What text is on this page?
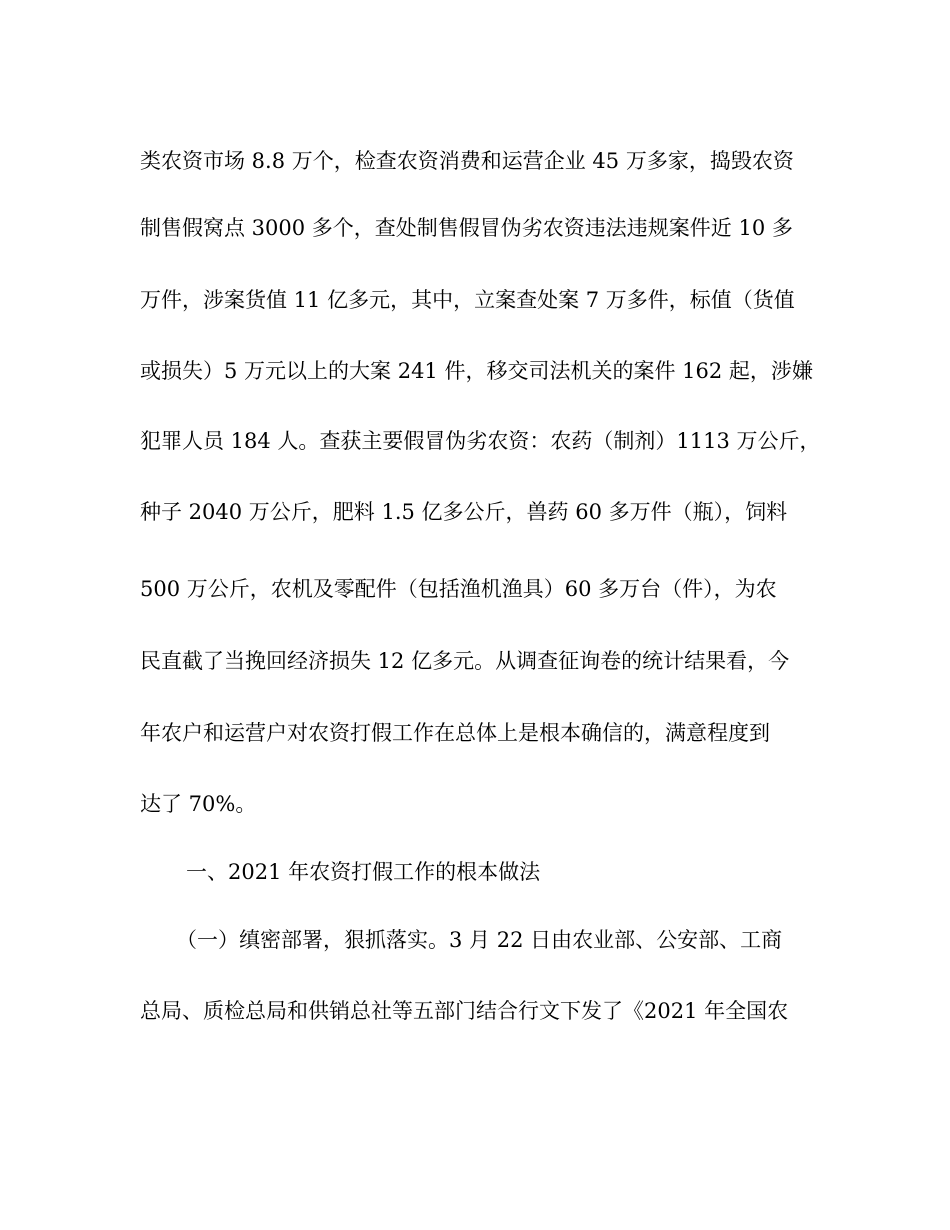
类农资市场 8.8 万个，检查农资消费和运营企业 45 万多家，捣毁农资
制售假窝点 3000 多个，查处制售假冒伪劣农资违法违规案件近 10 多
万件，涉案货值 11 亿多元，其中，立案查处案 7 万多件，标值（货值
或损失）5 万元以上的大案 241 件，移交司法机关的案件 162 起，涉嫌
犯罪人员 184 人。查获主要假冒伪劣农资：农药（制剂）1113 万公斤，
种子 2040 万公斤，肥料 1.5 亿多公斤，兽药 60 多万件（瓶），饲料
500 万公斤，农机及零配件（包括渔机渔具）60 多万台（件），为农
民直截了当挽回经济损失 12 亿多元。从调查征询卷的统计结果看，今
年农户和运营户对农资打假工作在总体上是根本确信的，满意程度到
达了 70%。
一、2021 年农资打假工作的根本做法
（一）缜密部署，狠抓落实。3 月 22 日由农业部、公安部、工商
总局、质检总局和供销总社等五部门结合行文下发了《2021 年全国农
